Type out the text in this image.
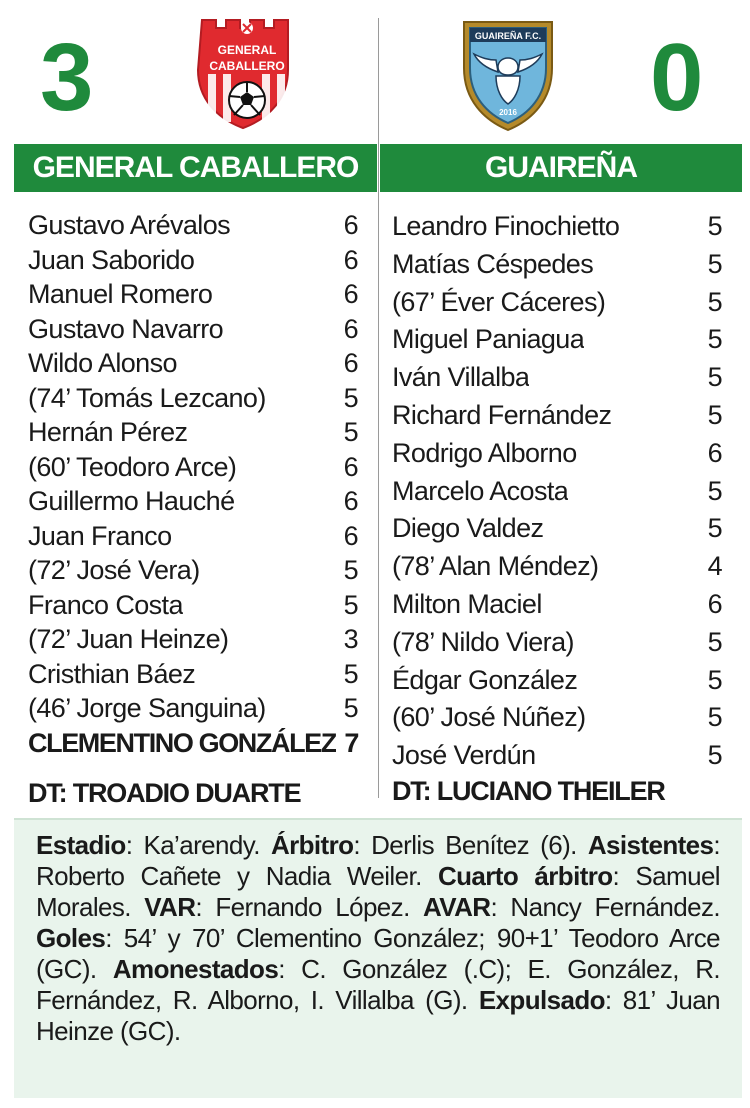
3	0
GENERAL
CABALLERO
GUAIREÑA F.C.
2016
GENERAL CABALLERO	GUAIREÑA
Gustavo Arévalos	6
Juan Saborido	6
Manuel Romero	6
Gustavo Navarro	6
Wildo Alonso	6
(74’ Tomás Lezcano)	5
Hernán Pérez	5
(60’ Teodoro Arce)	6
Guillermo Hauché	6
Juan Franco	6
(72’ José Vera)	5
Franco Costa	5
(72’ Juan Heinze)	3
Cristhian Báez	5
(46’ Jorge Sanguina)	5
CLEMENTINO GONZÁLEZ 7
Leandro Finochietto	5
Matías Céspedes	5
(67’ Éver Cáceres)	5
Miguel Paniagua	5
Iván Villalba	5
Richard Fernández	5
Rodrigo Alborno	6
Marcelo Acosta	5
Diego Valdez	5
(78’ Alan Méndez)	4
Milton Maciel	6
(78’ Nildo Viera)	5
Édgar González	5
(60’ José Núñez)	5
José Verdún	5
DT: TROADIO DUARTE	DT: LUCIANO THEILER
Estadio: Ka’arendy. Árbitro: Derlis Benítez (6). Asistentes: Roberto Cañete y Nadia Weiler. Cuarto árbitro: Samuel Morales. VAR: Fernando López. AVAR: Nancy Fernández. Goles: 54’ y 70’ Clementino González; 90+1’ Teodoro Arce (GC). Amonestados: C. González (.C); E. González, R. Fernández, R. Alborno, I. Villalba (G). Expulsado: 81’ Juan Heinze (GC).
